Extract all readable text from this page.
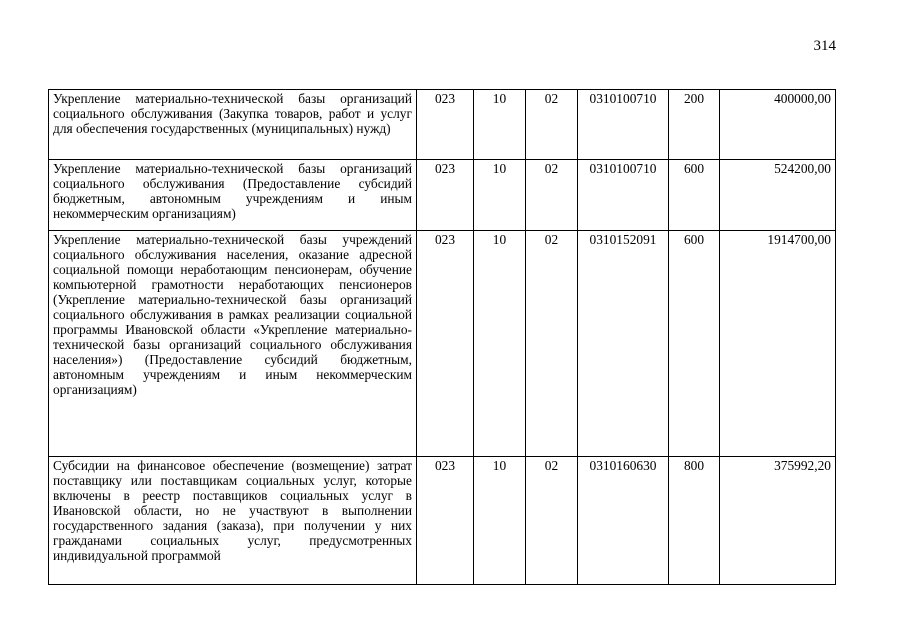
314
Укрепление материально-технической базы организаций социального обслуживания (Закупка товаров, работ и услуг для обеспечения государственных (муниципальных) нужд)	023	10	02	0310100710	200	400000,00
Укрепление материально-технической базы организаций социального обслуживания (Предоставление субсидий бюджетным, автономным учреждениям и иным некоммерческим организациям)	023	10	02	0310100710	600	524200,00
Укрепление материально-технической базы учреждений социального обслуживания населения, оказание адресной социальной помощи неработающим пенсионерам, обучение компьютерной грамотности неработающих пенсионеров (Укрепление материально-технической базы организаций социального обслуживания в рамках реализации социальной программы Ивановской области «Укрепление материально-технической базы организаций социального обслуживания населения») (Предоставление субсидий бюджетным, автономным учреждениям и иным некоммерческим организациям)	023	10	02	0310152091	600	1914700,00
Субсидии на финансовое обеспечение (возмещение) затрат поставщику или поставщикам социальных услуг, которые включены в реестр поставщиков социальных услуг в Ивановской области, но не участвуют в выполнении государственного задания (заказа), при получении у них гражданами социальных услуг, предусмотренных индивидуальной программой	023	10	02	0310160630	800	375992,20
